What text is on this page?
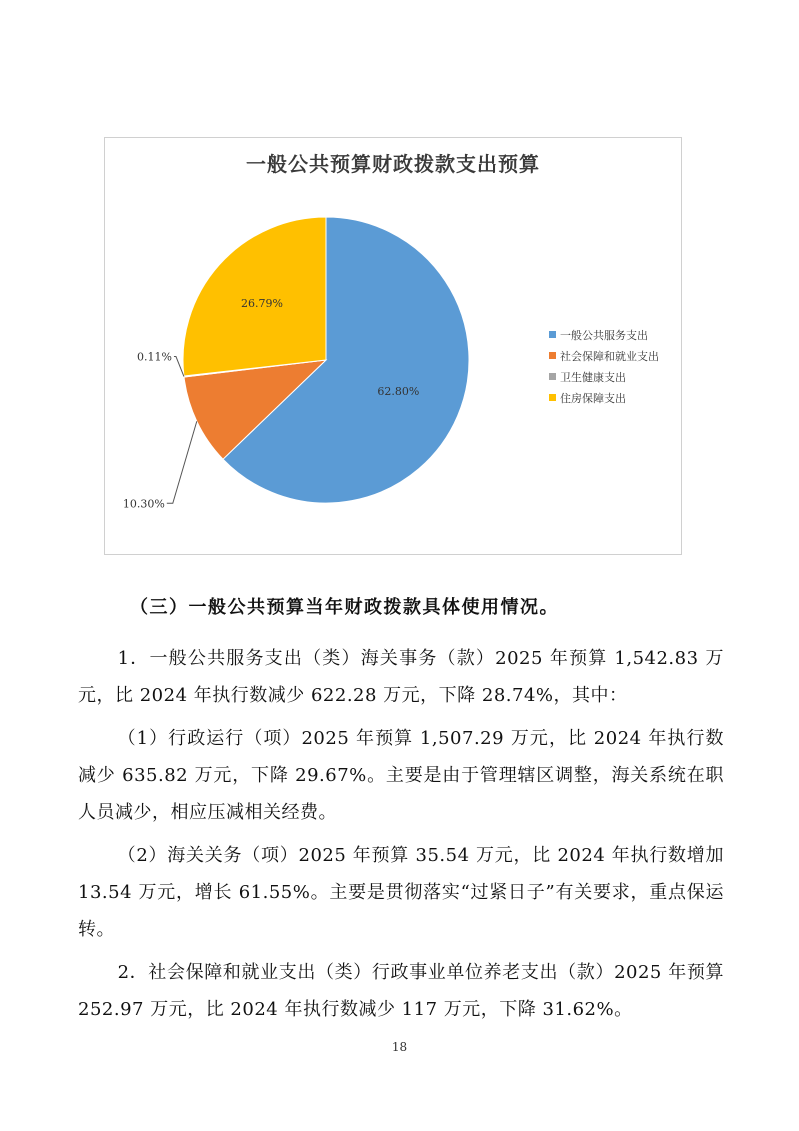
一般公共预算财政拨款支出预算
62.80%
26.79%
10.30%
0.11%
一般公共服务支出
社会保障和就业支出
卫生健康支出
住房保障支出
（三）一般公共预算当年财政拨款具体使用情况。

1．一般公共服务支出（类）海关事务（款）2025 年预算 1,542.83 万元，比 2024 年执行数减少 622.28 万元，下降 28.74%，其中：

（1）行政运行（项）2025 年预算 1,507.29 万元，比 2024 年执行数减少 635.82 万元，下降 29.67%。主要是由于管理辖区调整，海关系统在职人员减少，相应压减相关经费。

（2）海关关务（项）2025 年预算 35.54 万元，比 2024 年执行数增加 13.54 万元，增长 61.55%。主要是贯彻落实“过紧日子”有关要求，重点保运转。

2．社会保障和就业支出（类）行政事业单位养老支出（款）2025 年预算 252.97 万元，比 2024 年执行数减少 117 万元，下降 31.62%。

18
